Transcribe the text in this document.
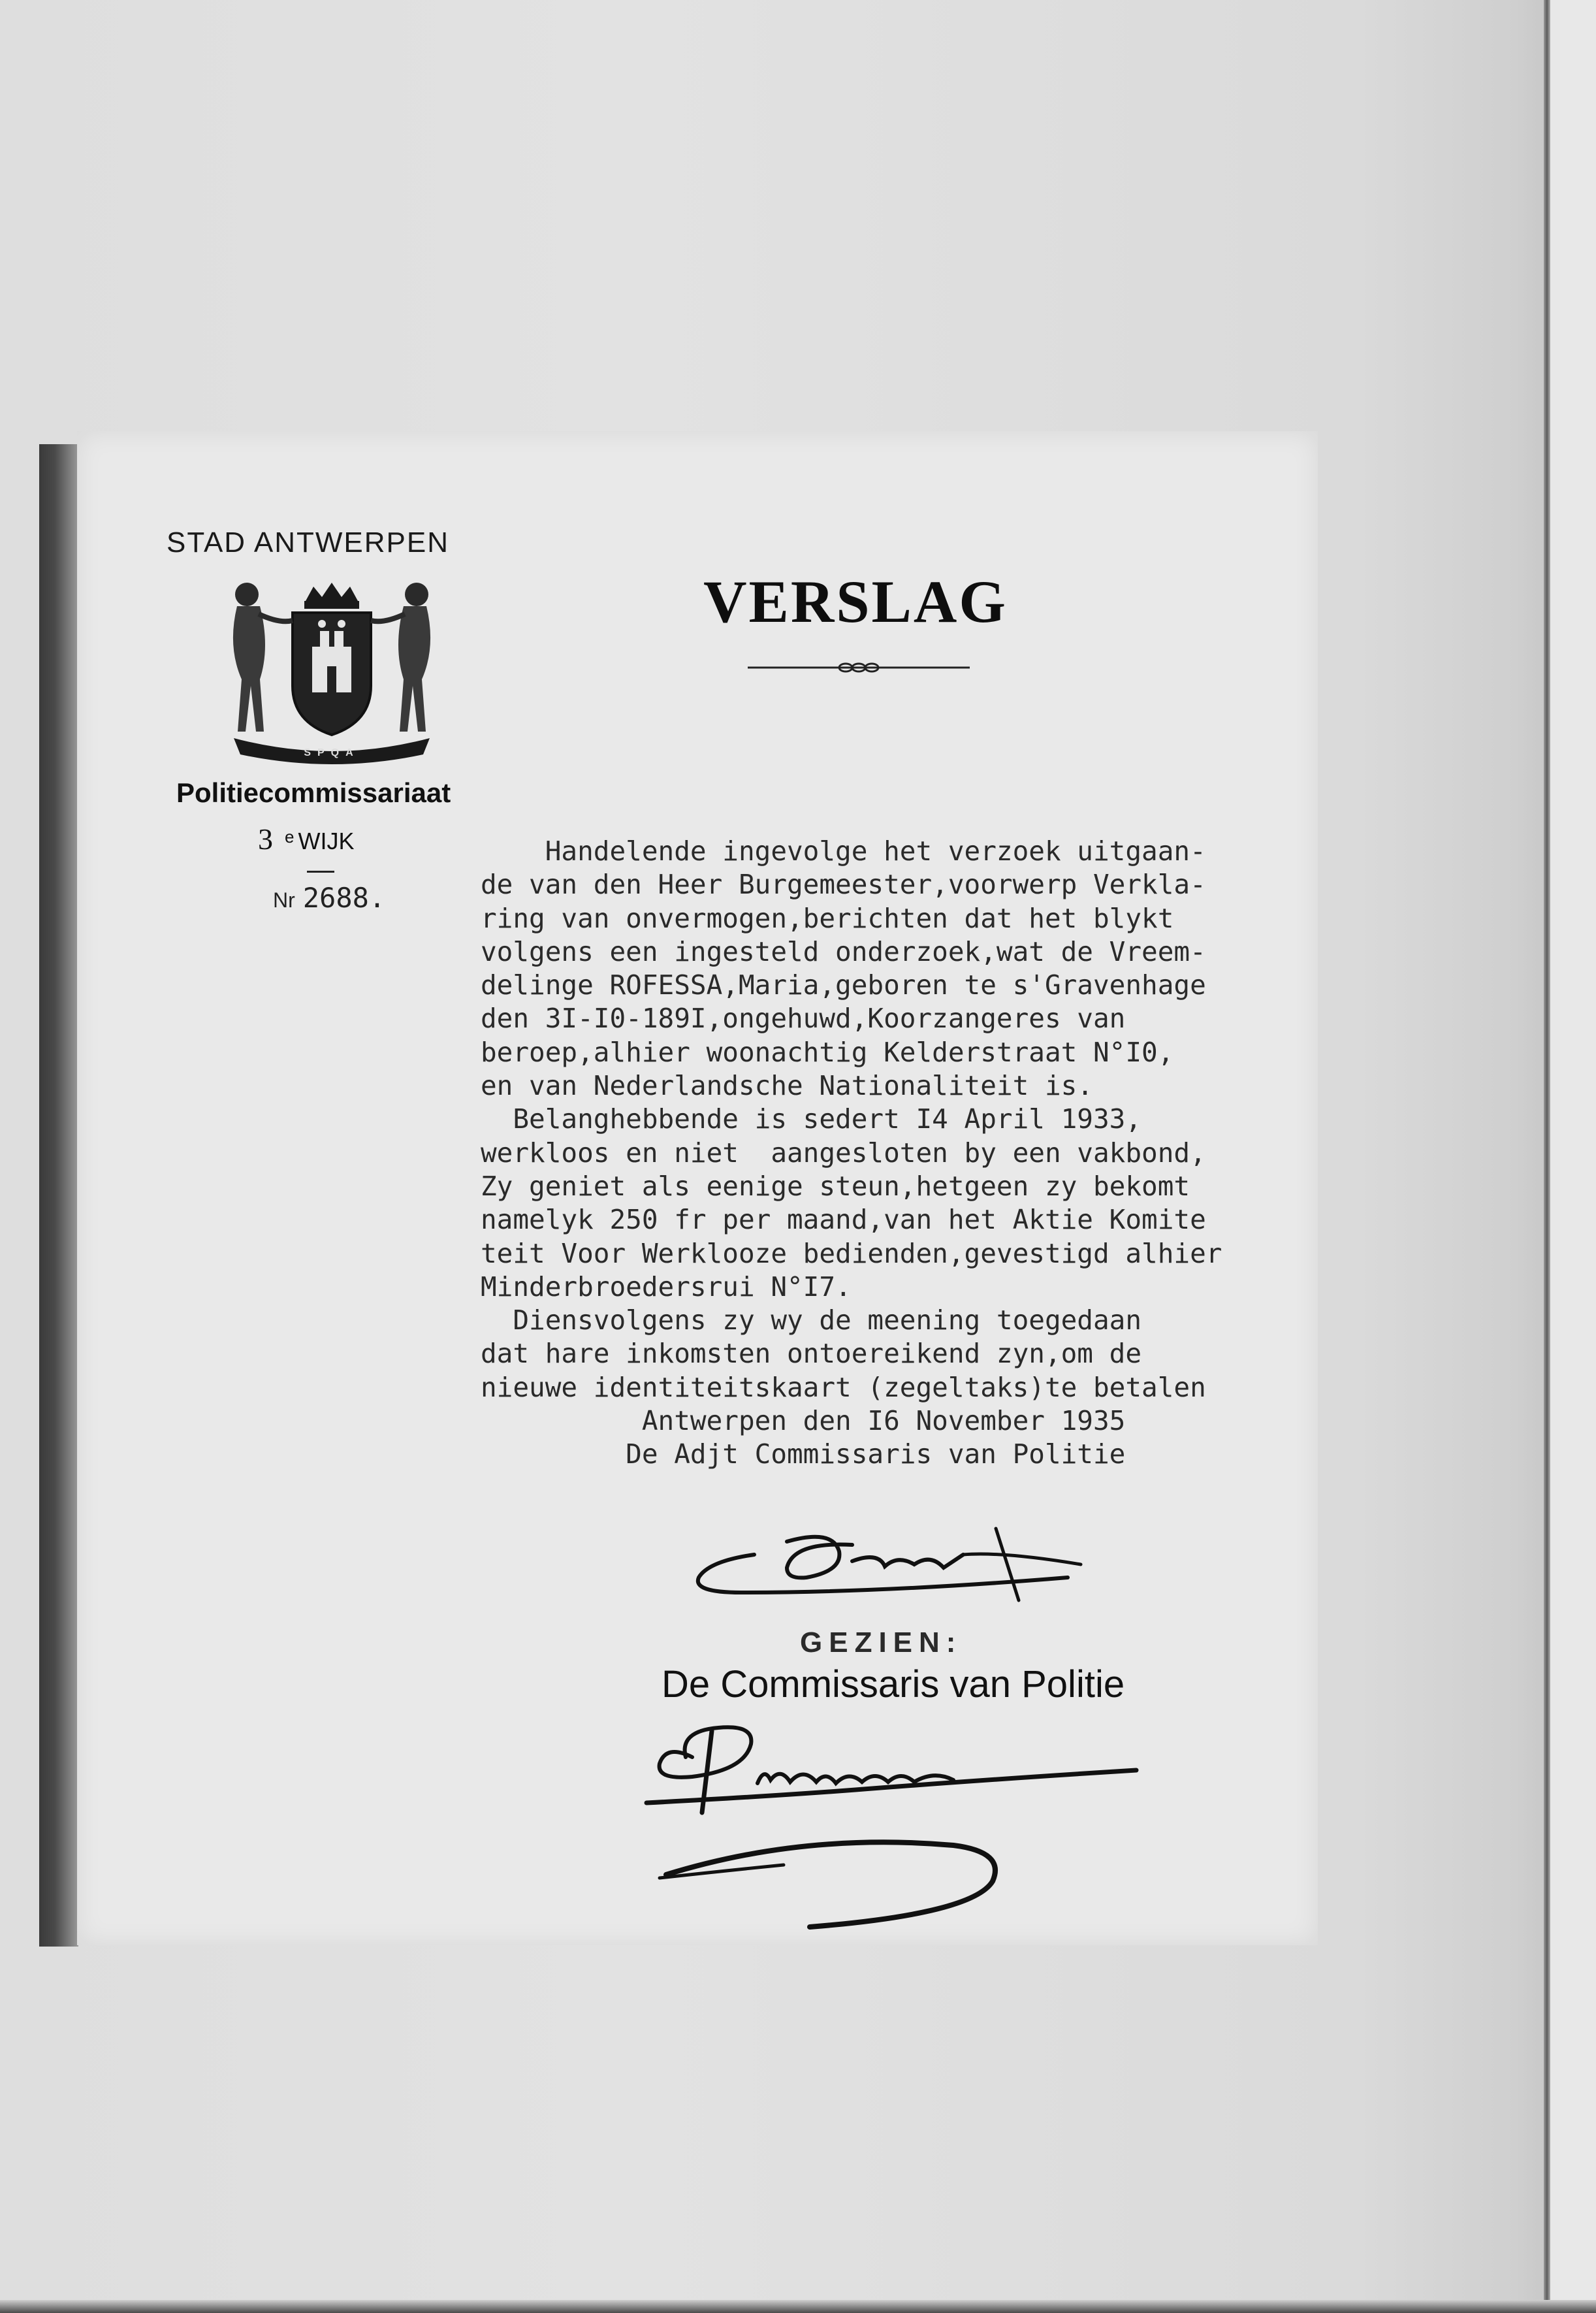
STAD ANTWERPEN
SPQA
Politiecommissariaat
3 $^e$ WIJK
Nr 2688.
VERSLAG
Handelende ingevolge het verzoek uitgaan-
de van den Heer Burgemeester,voorwerp Verkla-
ring van onvermogen,berichten dat het blykt
volgens een ingesteld onderzoek,wat de Vreem-
delinge ROFESSA,Maria,geboren te s'Gravenhage
den 3I-I0-189I,ongehuwd,Koorzangeres van
beroep,alhier woonachtig Kelderstraat N°I0,
en van Nederlandsche Nationaliteit is.
Belanghebbende is sedert I4 April 1933,
werkloos en niet  aangesloten by een vakbond,
Zy geniet als eenige steun,hetgeen zy bekomt
namelyk 250 fr per maand,van het Aktie Komite
teit Voor Werklooze bedienden,gevestigd alhier
Minderbroedersrui N°I7.
Diensvolgens zy wy de meening toegedaan
dat hare inkomsten ontoereikend zyn,om de
nieuwe identiteitskaart (zegeltaks)te betalen
Antwerpen den I6 November 1935
De Adjt Commissaris van Politie
GEZIEN:
De Commissaris van Politie
